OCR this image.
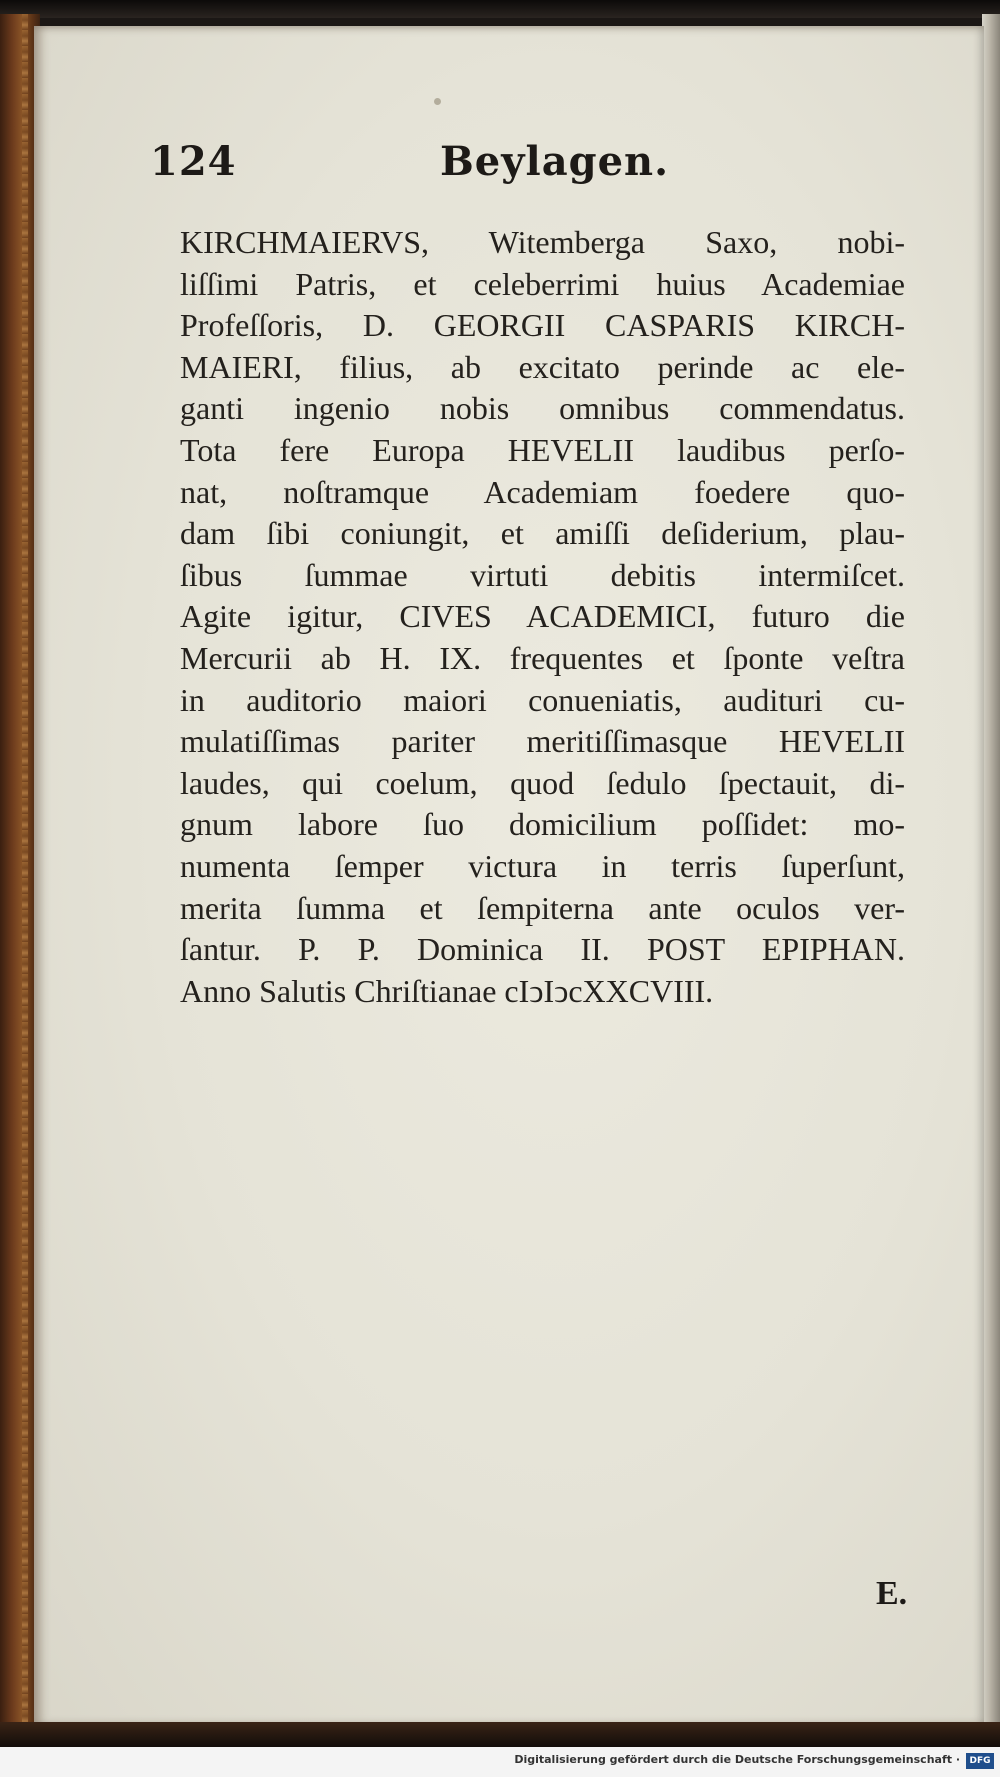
124	Beylagen.
KIRCHMAIERVS, Witemberga Saxo, nobi-
liſſimi Patris, et celeberrimi huius Academiae
Profeſſoris, D. GEORGII CASPARIS KIRCH-
MAIERI, filius, ab excitato perinde ac ele-
ganti ingenio nobis omnibus commendatus.
Tota fere Europa HEVELII laudibus perſo-
nat, noſtramque Academiam foedere quo-
dam ſibi coniungit, et amiſſi deſiderium, plau-
ſibus ſummae virtuti debitis intermiſcet.
Agite igitur, CIVES ACADEMICI, futuro die
Mercurii ab H. IX. frequentes et ſponte veſtra
in auditorio maiori conueniatis, audituri cu-
mulatiſſimas pariter meritiſſimasque HEVELII
laudes, qui coelum, quod ſedulo ſpectauit, di-
gnum labore ſuo domicilium poſſidet: mo-
numenta ſemper victura in terris ſuperſunt,
merita ſumma et ſempiterna ante oculos ver-
ſantur. P. P. Dominica II. POST EPIPHAN.
Anno Salutis Chriſtianae cIↄIↄcXXCVIII.
E.
Digitalisierung gefördert durch die Deutsche Forschungsgemeinschaft ·	DFG
